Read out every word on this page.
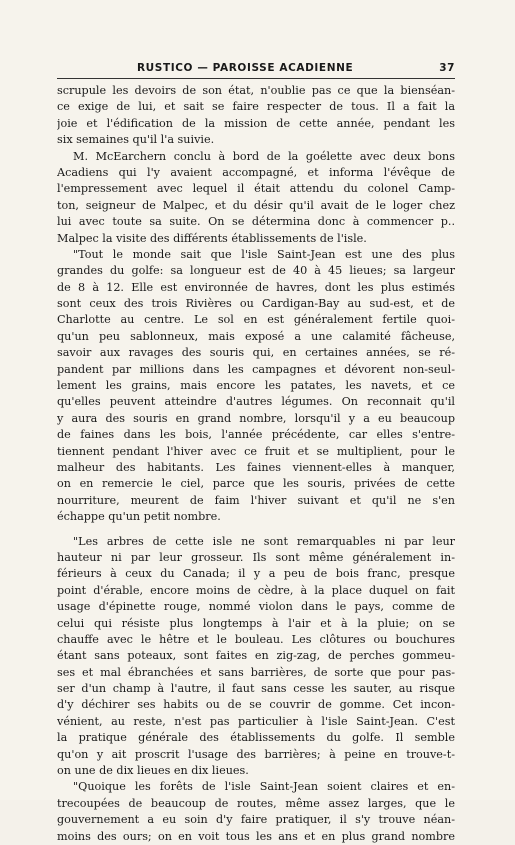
RUSTICO — PAROISSE ACADIENNE	37
scrupule les devoirs de son état, n'oublie pas ce que la bienséan-
ce exige de lui, et sait se faire respecter de tous. Il a fait la
joie et l'édification de la mission de cette année, pendant les
six semaines qu'il l'a suivie.
M. McEarchern conclu à bord de la goélette avec deux bons
Acadiens qui l'y avaient accompagné, et informa l'évêque de
l'empressement avec lequel il était attendu du colonel Camp-
ton, seigneur de Malpec, et du désir qu'il avait de le loger chez
lui avec toute sa suite. On se détermina donc à commencer p..
Malpec la visite des différents établissements de l'isle.
"Tout le monde sait que l'isle Saint-Jean est une des plus
grandes du golfe: sa longueur est de 40 à 45 lieues; sa largeur
de 8 à 12. Elle est environnée de havres, dont les plus estimés
sont ceux des trois Rivières ou Cardigan-Bay au sud-est, et de
Charlotte au centre. Le sol en est généralement fertile quoi-
qu'un peu sablonneux, mais exposé a une calamité fâcheuse,
savoir aux ravages des souris qui, en certaines années, se ré-
pandent par millions dans les campagnes et dévorent non-seul-
lement les grains, mais encore les patates, les navets, et ce
qu'elles peuvent atteindre d'autres légumes. On reconnait qu'il
y aura des souris en grand nombre, lorsqu'il y a eu beaucoup
de faines dans les bois, l'année précédente, car elles s'entre-
tiennent pendant l'hiver avec ce fruit et se multiplient, pour le
malheur des habitants. Les faines viennent-elles à manquer,
on en remercie le ciel, parce que les souris, privées de cette
nourriture, meurent de faim l'hiver suivant et qu'il ne s'en
échappe qu'un petit nombre.
"Les arbres de cette isle ne sont remarquables ni par leur
hauteur ni par leur grosseur. Ils sont même généralement in-
férieurs à ceux du Canada; il y a peu de bois franc, presque
point d'érable, encore moins de cèdre, à la place duquel on fait
usage d'épinette rouge, nommé violon dans le pays, comme de
celui qui résiste plus longtemps à l'air et à la pluie; on se
chauffe avec le hêtre et le bouleau. Les clôtures ou bouchures
étant sans poteaux, sont faites en zig-zag, de perches gommeu-
ses et mal ébranchées et sans barrières, de sorte que pour pas-
ser d'un champ à l'autre, il faut sans cesse les sauter, au risque
d'y déchirer ses habits ou de se couvrir de gomme. Cet incon-
vénient, au reste, n'est pas particulier à l'isle Saint-Jean. C'est
la pratique générale des établissements du golfe. Il semble
qu'on y ait proscrit l'usage des barrières; à peine en trouve-t-
on une de dix lieues en dix lieues.
"Quoique les forêts de l'isle Saint-Jean soient claires et en-
trecoupées de beaucoup de routes, même assez larges, que le
gouvernement a eu soin d'y faire pratiquer, il s'y trouve néan-
moins des ours; on en voit tous les ans et en plus grand nombre
